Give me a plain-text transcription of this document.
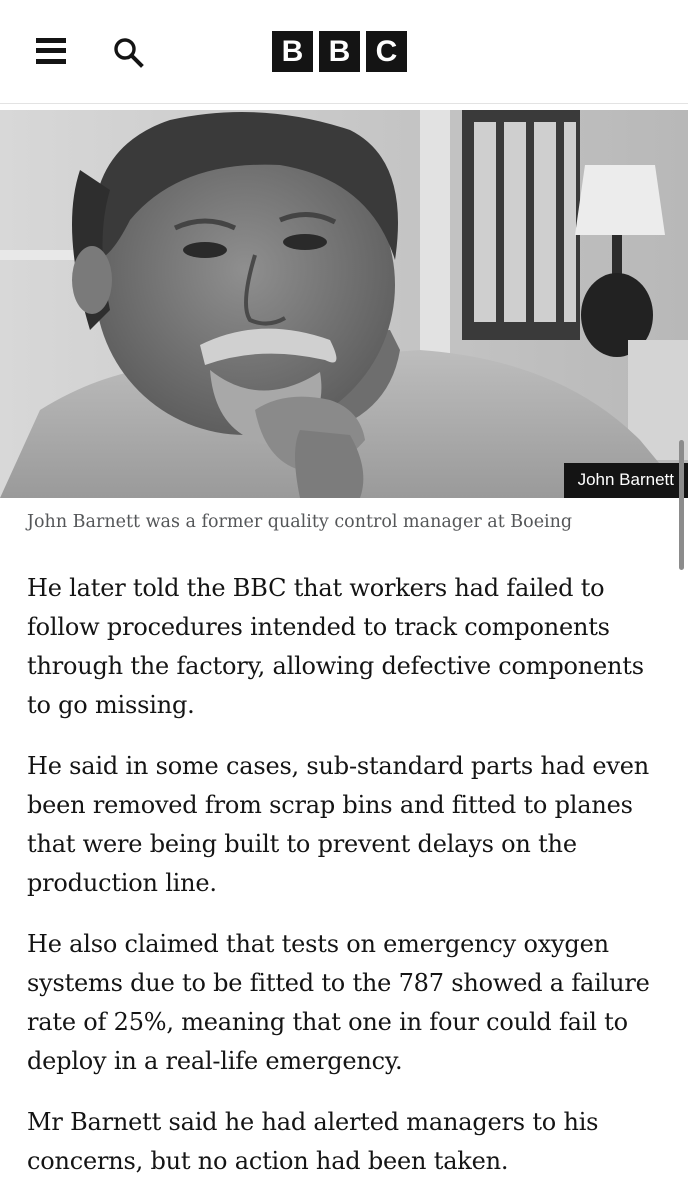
B B C
John Barnett

John Barnett was a former quality control manager at Boeing

He later told the BBC that workers had failed to follow procedures intended to track components through the factory, allowing defective components to go missing.

He said in some cases, sub-standard parts had even been removed from scrap bins and fitted to planes that were being built to prevent delays on the production line.

He also claimed that tests on emergency oxygen systems due to be fitted to the 787 showed a failure rate of 25%, meaning that one in four could fail to deploy in a real-life emergency.

Mr Barnett said he had alerted managers to his concerns, but no action had been taken.
